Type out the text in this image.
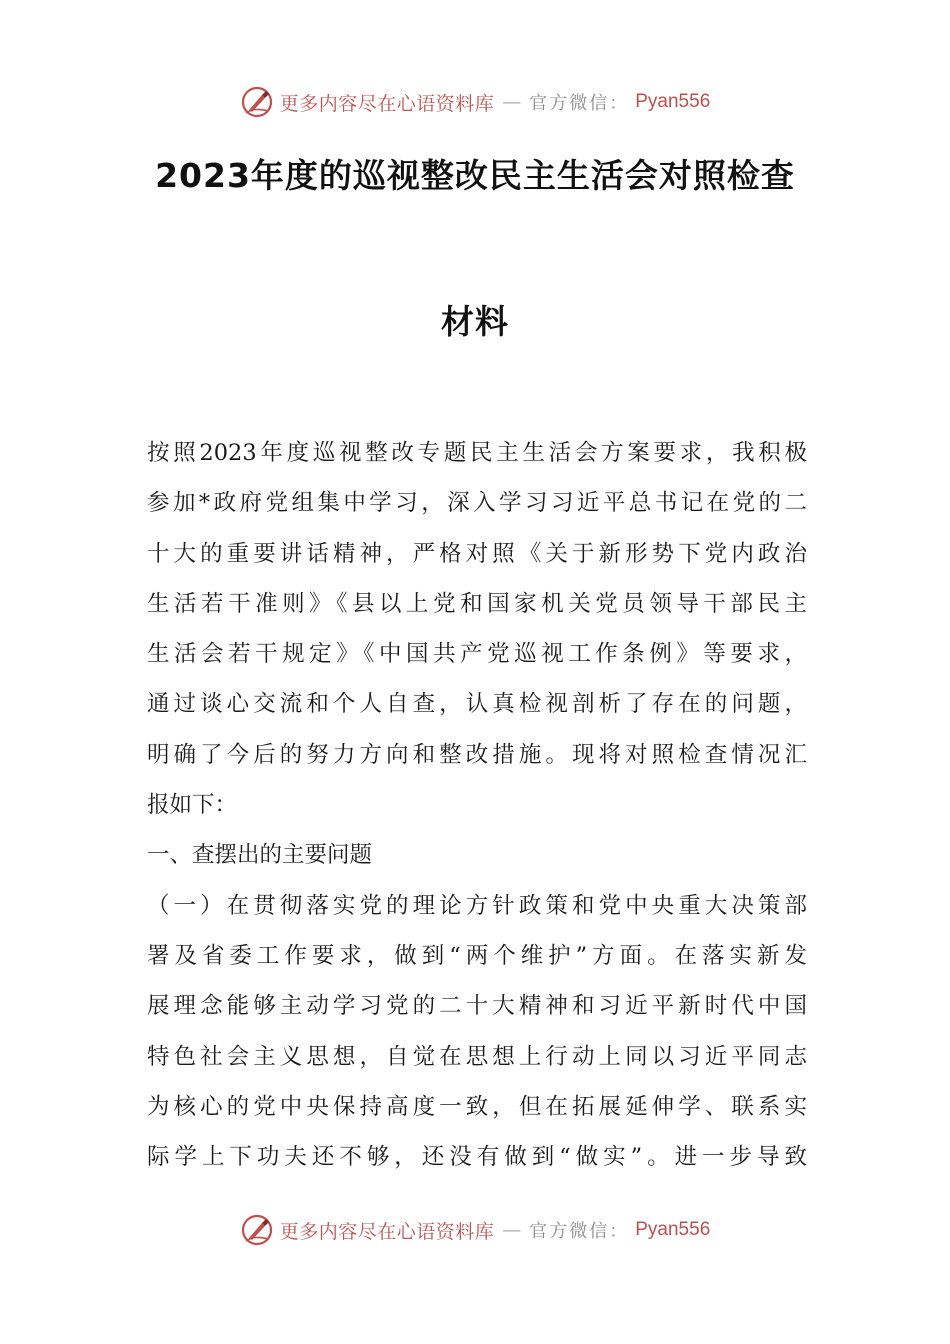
更多内容尽在心语资料库 — 官方微信： Pyan556
2023年度的巡视整改民主生活会对照检查
材料
按照2023年度巡视整改专题民主生活会方案要求，我积极
参加*政府党组集中学习，深入学习习近平总书记在党的二
十大的重要讲话精神，严格对照《关于新形势下党内政治
生活若干准则》《县以上党和国家机关党员领导干部民主
生活会若干规定》《中国共产党巡视工作条例》等要求，
通过谈心交流和个人自查，认真检视剖析了存在的问题，
明确了今后的努力方向和整改措施。现将对照检查情况汇
报如下：
一、查摆出的主要问题
（一）在贯彻落实党的理论方针政策和党中央重大决策部
署及省委工作要求，做到“两个维护”方面。在落实新发
展理念能够主动学习党的二十大精神和习近平新时代中国
特色社会主义思想，自觉在思想上行动上同以习近平同志
为核心的党中央保持高度一致，但在拓展延伸学、联系实
际学上下功夫还不够，还没有做到“做实”。进一步导致
更多内容尽在心语资料库 — 官方微信： Pyan556
